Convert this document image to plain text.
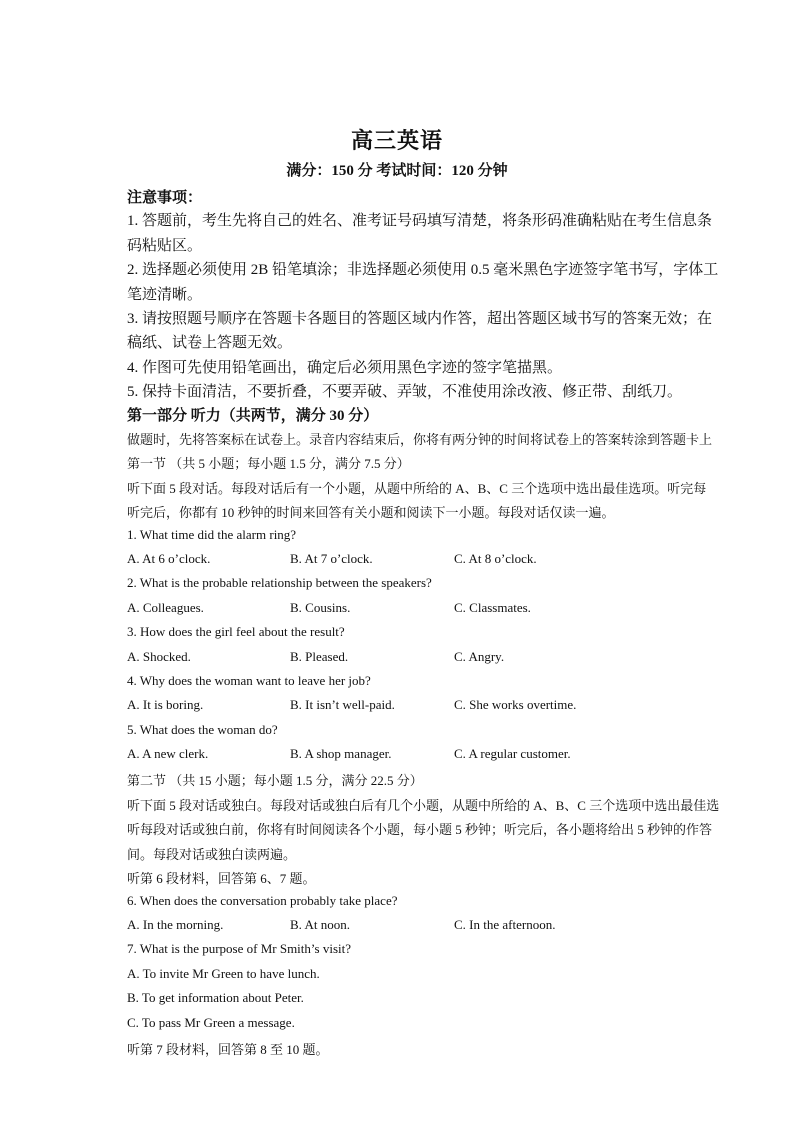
高三英语
满分：150 分 考试时间：120 分钟
注意事项：
1. 答题前，考生先将自己的姓名、准考证号码填写清楚，将条形码准确粘贴在考生信息条
码粘贴区。
2. 选择题必须使用 2B 铅笔填涂；非选择题必须使用 0.5 毫米黑色字迹签字笔书写，字体工
笔迹清晰。
3. 请按照题号顺序在答题卡各题目的答题区域内作答，超出答题区域书写的答案无效；在
稿纸、试卷上答题无效。
4. 作图可先使用铅笔画出，确定后必须用黑色字迹的签字笔描黑。
5. 保持卡面清洁，不要折叠，不要弄破、弄皱，不准使用涂改液、修正带、刮纸刀。
第一部分 听力（共两节，满分 30 分）
做题时，先将答案标在试卷上。录音内容结束后，你将有两分钟的时间将试卷上的答案转涂到答题卡上
第一节 （共 5 小题；每小题 1.5 分，满分 7.5 分）
听下面 5 段对话。每段对话后有一个小题，从题中所给的 A、B、C 三个选项中选出最佳选项。听完每
听完后，你都有 10 秒钟的时间来回答有关小题和阅读下一小题。每段对话仅读一遍。
1. What time did the alarm ring?
A. At 6 o’clock.	B. At 7 o’clock.	C. At 8 o’clock.
2. What is the probable relationship between the speakers?
A. Colleagues.	B. Cousins.	C. Classmates.
3. How does the girl feel about the result?
A. Shocked.	B. Pleased.	C. Angry.
4. Why does the woman want to leave her job?
A. It is boring.	B. It isn’t well-paid.	C. She works overtime.
5. What does the woman do?
A. A new clerk.	B. A shop manager.	C. A regular customer.
第二节 （共 15 小题；每小题 1.5 分，满分 22.5 分）
听下面 5 段对话或独白。每段对话或独白后有几个小题，从题中所给的 A、B、C 三个选项中选出最佳选
听每段对话或独白前，你将有时间阅读各个小题，每小题 5 秒钟；听完后，各小题将给出 5 秒钟的作答
间。每段对话或独白读两遍。
听第 6 段材料，回答第 6、7 题。
6. When does the conversation probably take place?
A. In the morning.	B. At noon.	C. In the afternoon.
7. What is the purpose of Mr Smith’s visit?
A. To invite Mr Green to have lunch.
B. To get information about Peter.
C. To pass Mr Green a message.
听第 7 段材料，回答第 8 至 10 题。
